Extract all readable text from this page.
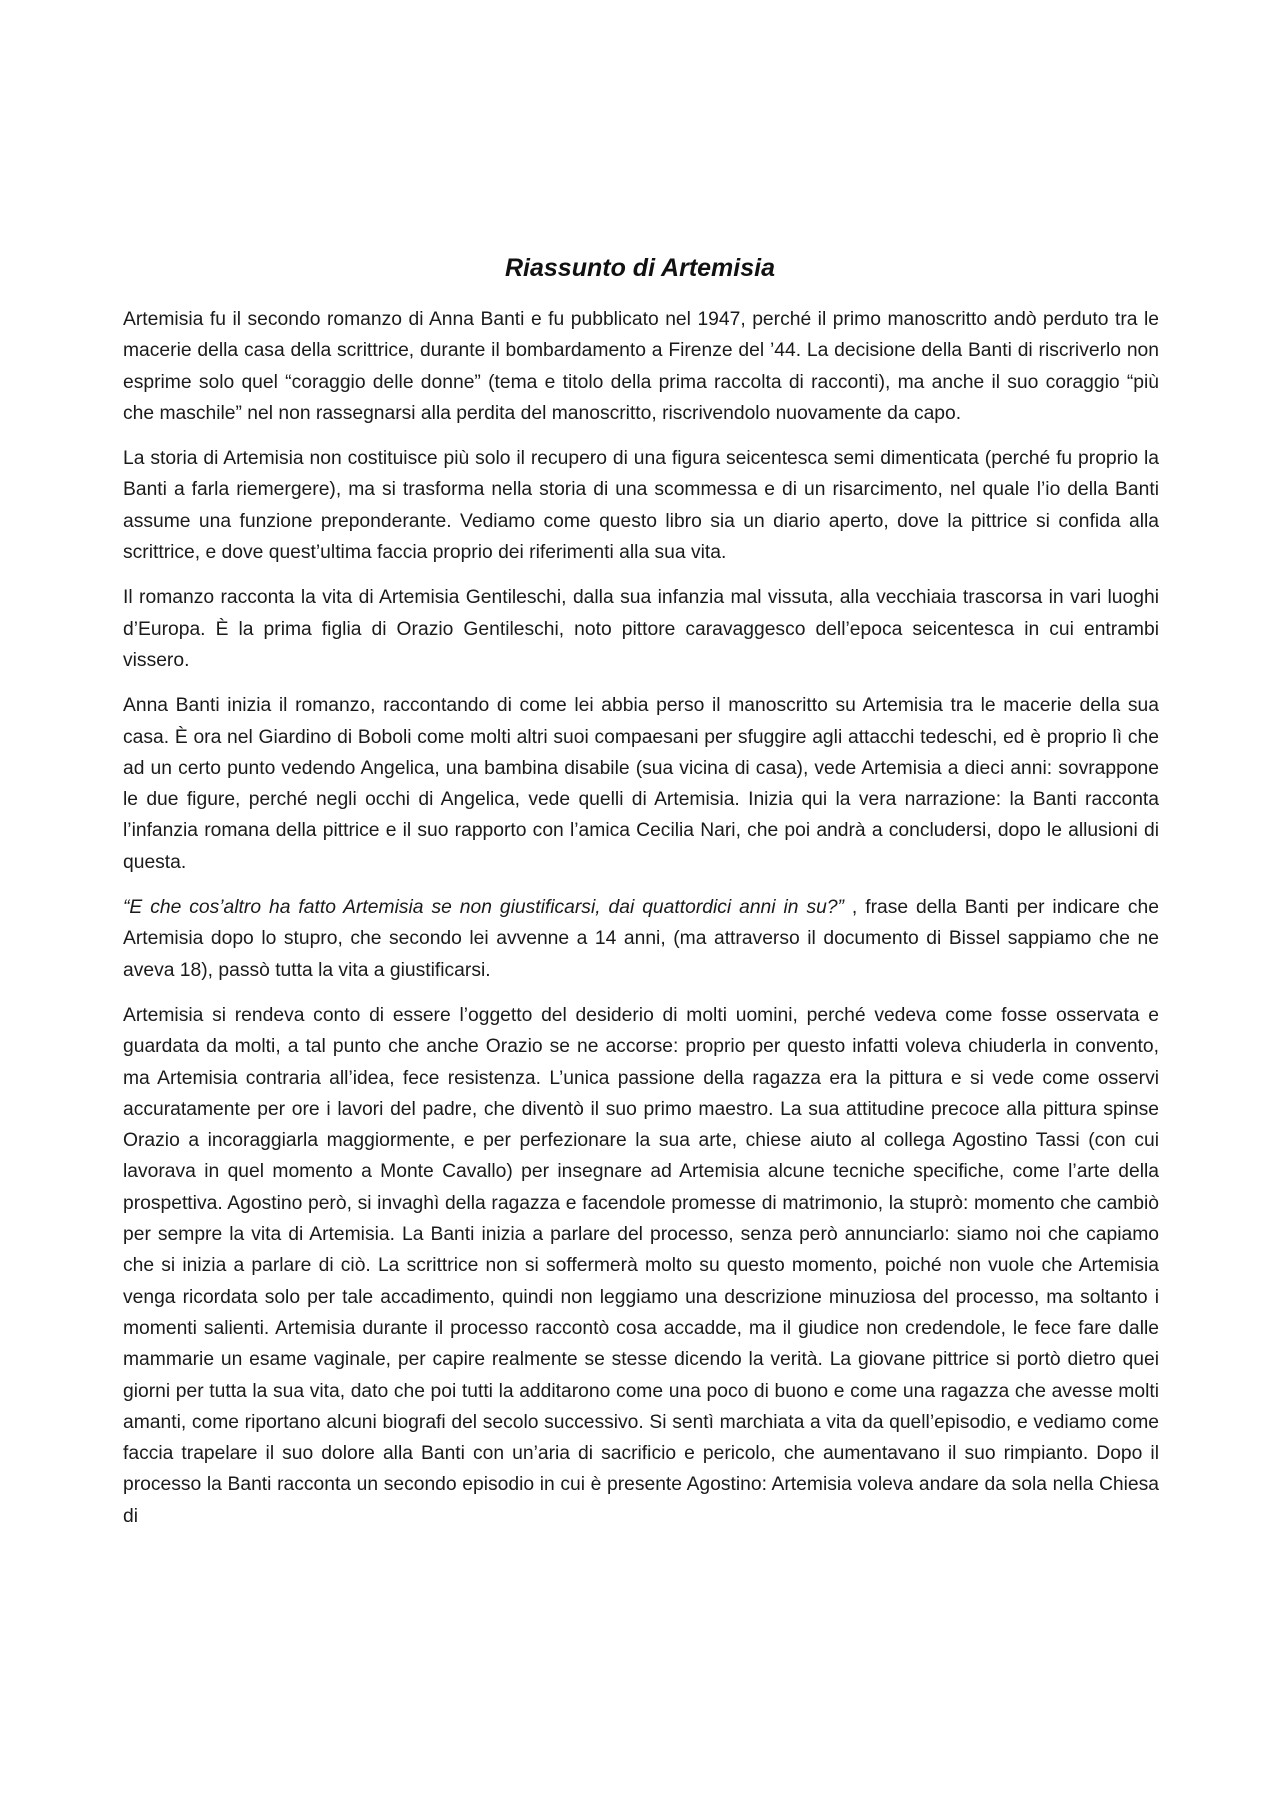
Riassunto di Artemisia

Artemisia fu il secondo romanzo di Anna Banti e fu pubblicato nel 1947, perché il primo manoscritto andò perduto tra le macerie della casa della scrittrice, durante il bombardamento a Firenze del ’44. La decisione della Banti di riscriverlo non esprime solo quel “coraggio delle donne” (tema e titolo della prima raccolta di racconti), ma anche il suo coraggio “più che maschile” nel non rassegnarsi alla perdita del manoscritto, riscrivendolo nuovamente da capo.

La storia di Artemisia non costituisce più solo il recupero di una figura seicentesca semi dimenticata (perché fu proprio la Banti a farla riemergere), ma si trasforma nella storia di una scommessa e di un risarcimento, nel quale l’io della Banti assume una funzione preponderante. Vediamo come questo libro sia un diario aperto, dove la pittrice si confida alla scrittrice, e dove quest’ultima faccia proprio dei riferimenti alla sua vita.

Il romanzo racconta la vita di Artemisia Gentileschi, dalla sua infanzia mal vissuta, alla vecchiaia trascorsa in vari luoghi d’Europa. È la prima figlia di Orazio Gentileschi, noto pittore caravaggesco dell’epoca seicentesca in cui entrambi vissero.

Anna Banti inizia il romanzo, raccontando di come lei abbia perso il manoscritto su Artemisia tra le macerie della sua casa. È ora nel Giardino di Boboli come molti altri suoi compaesani per sfuggire agli attacchi tedeschi, ed è proprio lì che ad un certo punto vedendo Angelica, una bambina disabile (sua vicina di casa), vede Artemisia a dieci anni: sovrappone le due figure, perché negli occhi di Angelica, vede quelli di Artemisia. Inizia qui la vera narrazione: la Banti racconta l’infanzia romana della pittrice e il suo rapporto con l’amica Cecilia Nari, che poi andrà a concludersi, dopo le allusioni di questa.

“E che cos’altro ha fatto Artemisia se non giustificarsi, dai quattordici anni in su?” , frase della Banti per indicare che Artemisia dopo lo stupro, che secondo lei avvenne a 14 anni, (ma attraverso il documento di Bissel sappiamo che ne aveva 18), passò tutta la vita a giustificarsi.

Artemisia si rendeva conto di essere l’oggetto del desiderio di molti uomini, perché vedeva come fosse osservata e guardata da molti, a tal punto che anche Orazio se ne accorse: proprio per questo infatti voleva chiuderla in convento, ma Artemisia contraria all’idea, fece resistenza. L’unica passione della ragazza era la pittura e si vede come osservi accuratamente per ore i lavori del padre, che diventò il suo primo maestro. La sua attitudine precoce alla pittura spinse Orazio a incoraggiarla maggiormente, e per perfezionare la sua arte, chiese aiuto al collega Agostino Tassi (con cui lavorava in quel momento a Monte Cavallo) per insegnare ad Artemisia alcune tecniche specifiche, come l’arte della prospettiva. Agostino però, si invaghì della ragazza e facendole promesse di matrimonio, la stuprò: momento che cambiò per sempre la vita di Artemisia. La Banti inizia a parlare del processo, senza però annunciarlo: siamo noi che capiamo che si inizia a parlare di ciò. La scrittrice non si soffermerà molto su questo momento, poiché non vuole che Artemisia venga ricordata solo per tale accadimento, quindi non leggiamo una descrizione minuziosa del processo, ma soltanto i momenti salienti. Artemisia durante il processo raccontò cosa accadde, ma il giudice non credendole, le fece fare dalle mammarie un esame vaginale, per capire realmente se stesse dicendo la verità. La giovane pittrice si portò dietro quei giorni per tutta la sua vita, dato che poi tutti la additarono come una poco di buono e come una ragazza che avesse molti amanti, come riportano alcuni biografi del secolo successivo. Si sentì marchiata a vita da quell’episodio, e vediamo come faccia trapelare il suo dolore alla Banti con un’aria di sacrificio e pericolo, che aumentavano il suo rimpianto. Dopo il processo la Banti racconta un secondo episodio in cui è presente Agostino: Artemisia voleva andare da sola nella Chiesa di
